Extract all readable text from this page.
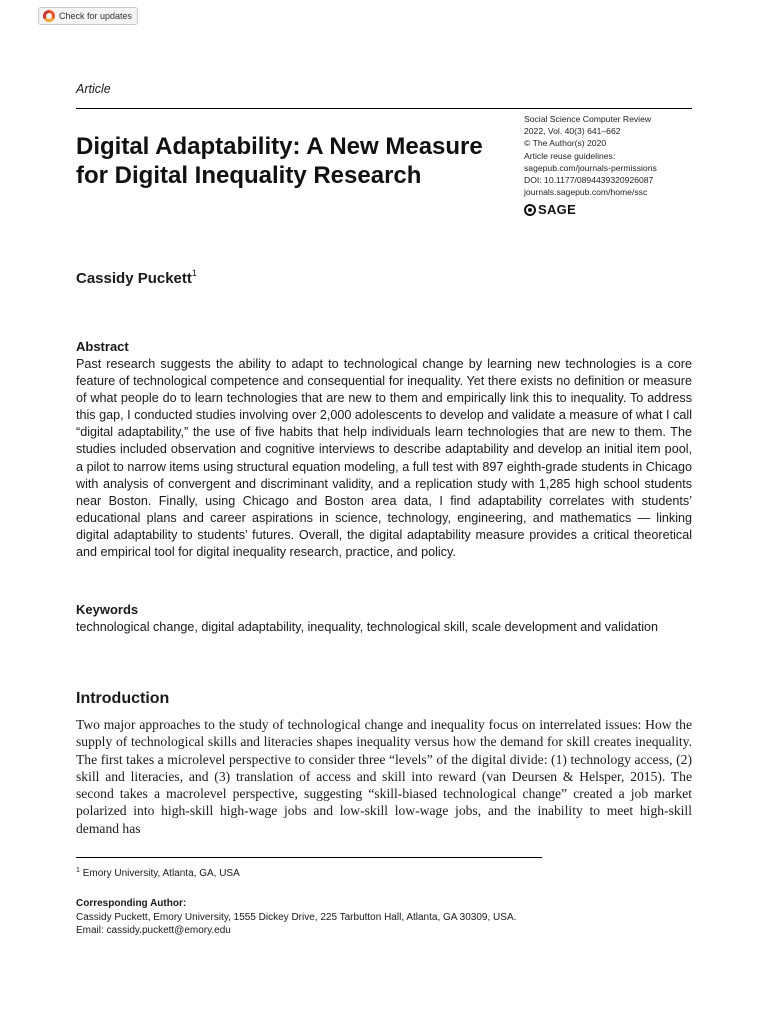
Check for updates
Article
Digital Adaptability: A New Measure for Digital Inequality Research
Social Science Computer Review
2022, Vol. 40(3) 641–662
© The Author(s) 2020
Article reuse guidelines:
sagepub.com/journals-permissions
DOI: 10.1177/0894439320926087
journals.sagepub.com/home/ssc
SAGE
Cassidy Puckett$^1$
Abstract

Past research suggests the ability to adapt to technological change by learning new technologies is a core feature of technological competence and consequential for inequality. Yet there exists no definition or measure of what people do to learn technologies that are new to them and empirically link this to inequality. To address this gap, I conducted studies involving over 2,000 adolescents to develop and validate a measure of what I call “digital adaptability,” the use of five habits that help individuals learn technologies that are new to them. The studies included observation and cognitive interviews to describe adaptability and develop an initial item pool, a pilot to narrow items using structural equation modeling, a full test with 897 eighth-grade students in Chicago with analysis of convergent and discriminant validity, and a replication study with 1,285 high school students near Boston. Finally, using Chicago and Boston area data, I find adaptability correlates with students’ educational plans and career aspirations in science, technology, engineering, and mathematics — linking digital adaptability to students’ futures. Overall, the digital adaptability measure provides a critical theoretical and empirical tool for digital inequality research, practice, and policy.

Keywords

technological change, digital adaptability, inequality, technological skill, scale development and validation

Introduction

Two major approaches to the study of technological change and inequality focus on interrelated issues: How the supply of technological skills and literacies shapes inequality versus how the demand for skill creates inequality. The first takes a microlevel perspective to consider three “levels” of the digital divide: (1) technology access, (2) skill and literacies, and (3) translation of access and skill into reward (van Deursen & Helsper, 2015). The second takes a macrolevel perspective, suggesting “skill-biased technological change” created a job market polarized into high-skill high-wage jobs and low-skill low-wage jobs, and the inability to meet high-skill demand has

$^1$ Emory University, Atlanta, GA, USA
Corresponding Author:
Cassidy Puckett, Emory University, 1555 Dickey Drive, 225 Tarbutton Hall, Atlanta, GA 30309, USA.
Email: cassidy.puckett@emory.edu
